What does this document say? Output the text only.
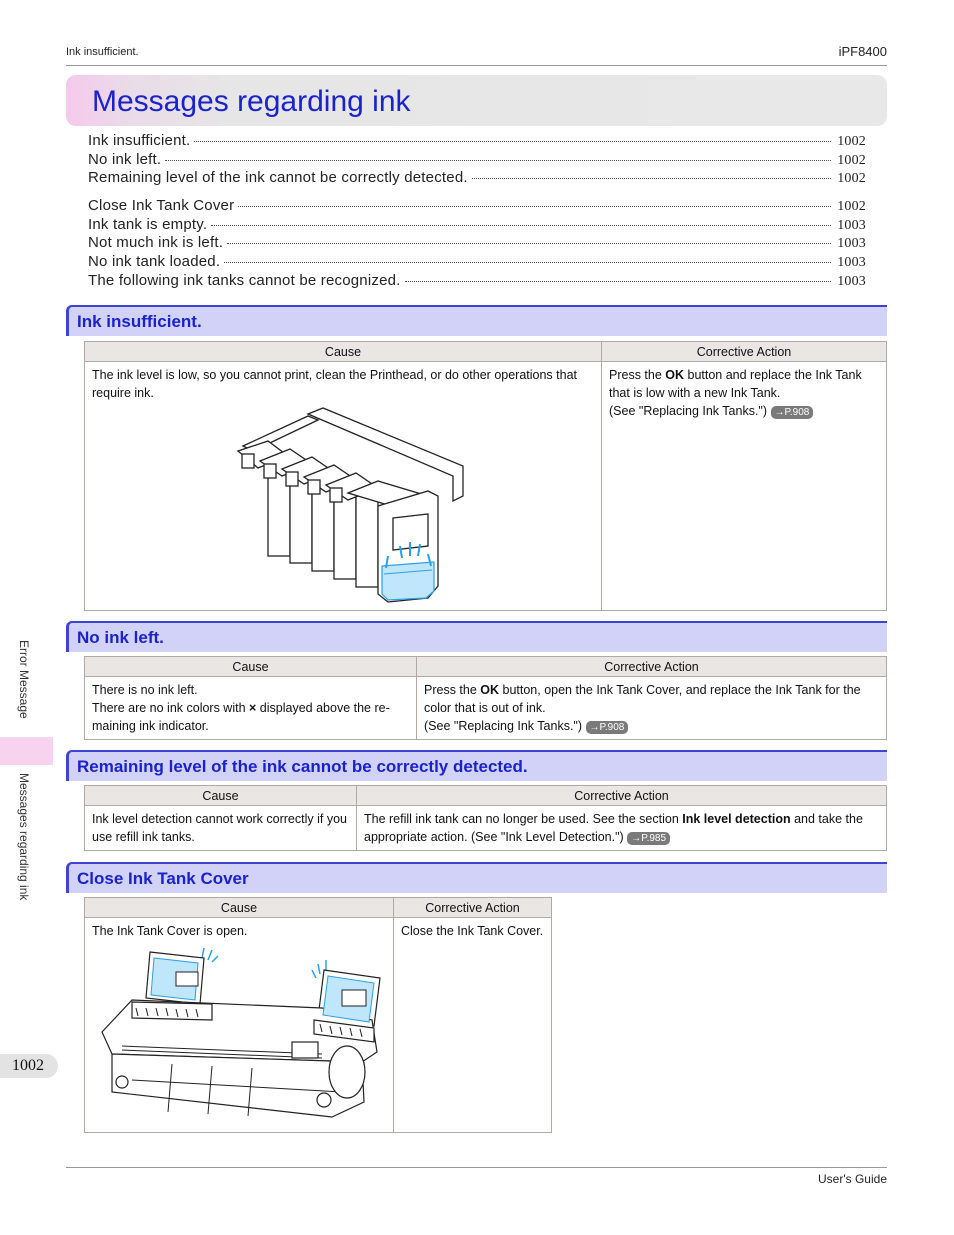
Ink insufficient.	iPF8400
Messages regarding ink
Ink insufficient.	1002
No ink left.	1002
Remaining level of the ink cannot be correctly detected.	1002
Close Ink Tank Cover	1002
Ink tank is empty.	1003
Not much ink is left.	1003
No ink tank loaded.	1003
The following ink tanks cannot be recognized.	1003
Ink insufficient.
Cause	Corrective Action

The ink level is low, so you cannot print, clean the Printhead, or do other operations that require ink.	Press the OK button and replace the Ink Tank that is low with a new Ink Tank.
(See "Replacing Ink Tanks.") →P.908
No ink left.
Cause	Corrective Action
There is no ink left.
There are no ink colors with × displayed above the re-maining ink indicator.	Press the OK button, open the Ink Tank Cover, and replace the Ink Tank for the color that is out of ink.
(See "Replacing Ink Tanks.") →P.908
Remaining level of the ink cannot be correctly detected.
Cause	Corrective Action
Ink level detection cannot work correctly if you use refill ink tanks.	The refill ink tank can no longer be used. See the section Ink level detection and take the appropriate action. (See "Ink Level Detection.") →P.985
Close Ink Tank Cover
Cause	Corrective Action

The Ink Tank Cover is open.	Close the Ink Tank Cover.
Error Message
Messages regarding ink
1002
User's Guide
